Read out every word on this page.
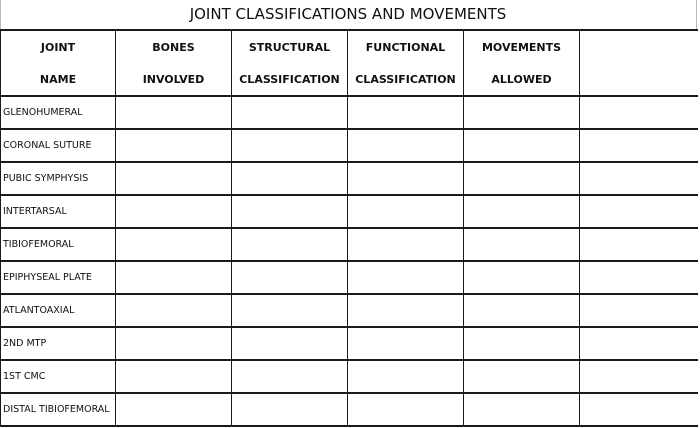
JOINT CLASSIFICATIONS AND MOVEMENTS
JOINT	BONES	STRUCTURAL	FUNCTIONAL	MOVEMENTS	
NAME	INVOLVED	CLASSIFICATION	CLASSIFICATION	ALLOWED	
GLENOHUMERAL					
CORONAL SUTURE					
PUBIC SYMPHYSIS					
INTERTARSAL					
TIBIOFEMORAL					
EPIPHYSEAL PLATE					
ATLANTOAXIAL					
2ND MTP					
1ST CMC					
DISTAL TIBIOFEMORAL					
